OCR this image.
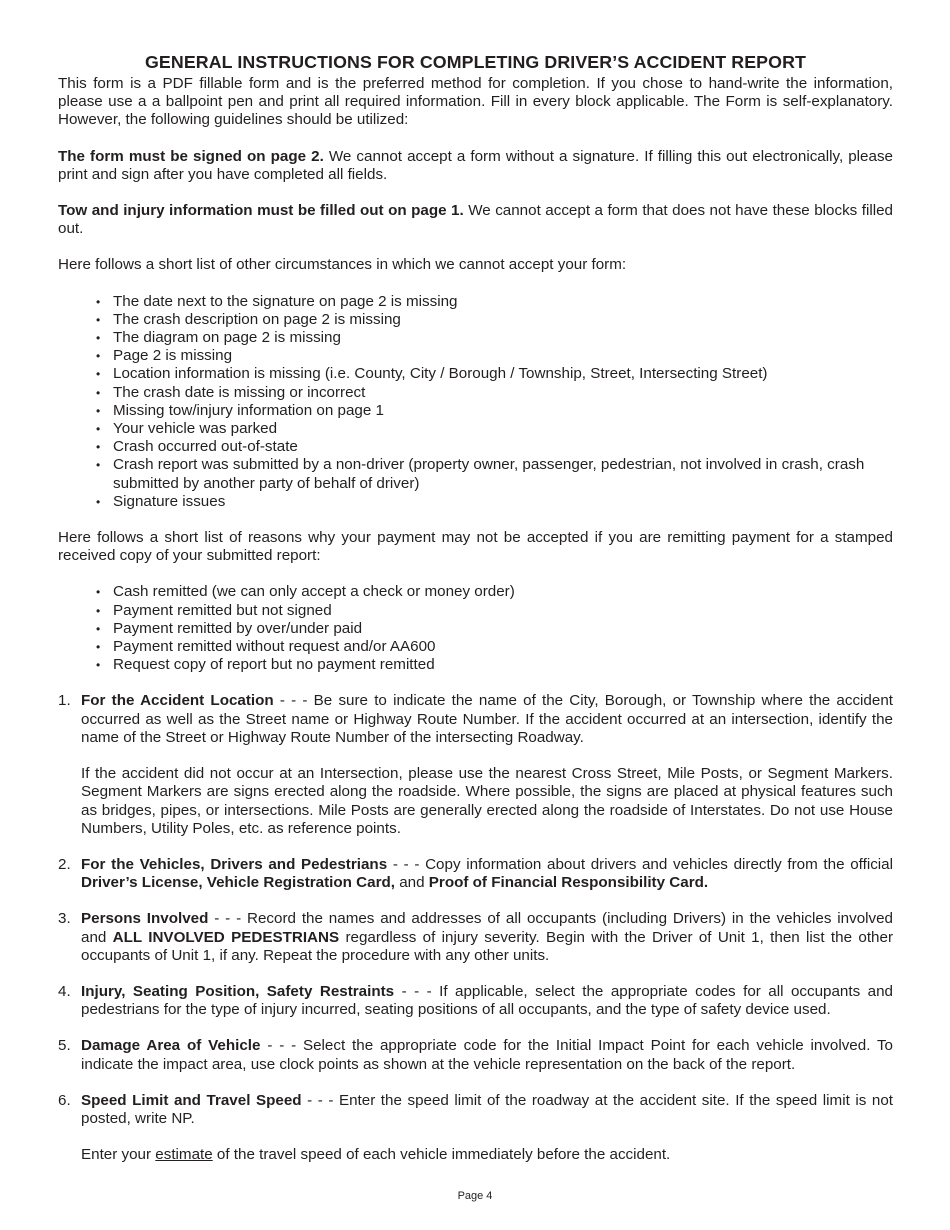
GENERAL INSTRUCTIONS FOR COMPLETING DRIVER’S ACCIDENT REPORT

This form is a PDF fillable form and is the preferred method for completion. If you chose to hand-write the information, please use a a ballpoint pen and print all required information. Fill in every block applicable. The Form is self-explanatory. However, the following guidelines should be utilized:

The form must be signed on page 2. We cannot accept a form without a signature. If filling this out electronically, please print and sign after you have completed all fields.

Tow and injury information must be filled out on page 1. We cannot accept a form that does not have these blocks filled out.

Here follows a short list of other circumstances in which we cannot accept your form:

• The date next to the signature on page 2 is missing
• The crash description on page 2 is missing
• The diagram on page 2 is missing
• Page 2 is missing
• Location information is missing (i.e. County, City / Borough / Township, Street, Intersecting Street)
• The crash date is missing or incorrect
• Missing tow/injury information on page 1
• Your vehicle was parked
• Crash occurred out-of-state
• Crash report was submitted by a non-driver (property owner, passenger, pedestrian, not involved in crash, crash submitted by another party of behalf of driver)
• Signature issues

Here follows a short list of reasons why your payment may not be accepted if you are remitting payment for a stamped received copy of your submitted report:

• Cash remitted (we can only accept a check or money order)
• Payment remitted but not signed
• Payment remitted by over/under paid
• Payment remitted without request and/or AA600
• Request copy of report but no payment remitted
1. For the Accident Location - - - Be sure to indicate the name of the City, Borough, or Township where the accident occurred as well as the Street name or Highway Route Number. If the accident occurred at an intersection, identify the name of the Street or Highway Route Number of the intersecting Roadway.

If the accident did not occur at an Intersection, please use the nearest Cross Street, Mile Posts, or Segment Markers. Segment Markers are signs erected along the roadside. Where possible, the signs are placed at physical features such as bridges, pipes, or intersections. Mile Posts are generally erected along the roadside of Interstates. Do not use House Numbers, Utility Poles, etc. as reference points.

2. For the Vehicles, Drivers and Pedestrians - - - Copy information about drivers and vehicles directly from the official Driver’s License, Vehicle Registration Card, and Proof of Financial Responsibility Card.

3. Persons Involved - - - Record the names and addresses of all occupants (including Drivers) in the vehicles involved and ALL INVOLVED PEDESTRIANS regardless of injury severity. Begin with the Driver of Unit 1, then list the other occupants of Unit 1, if any. Repeat the procedure with any other units.

4. Injury, Seating Position, Safety Restraints - - - If applicable, select the appropriate codes for all occupants and pedestrians for the type of injury incurred, seating positions of all occupants, and the type of safety device used.

5. Damage Area of Vehicle - - - Select the appropriate code for the Initial Impact Point for each vehicle involved. To indicate the impact area, use clock points as shown at the vehicle representation on the back of the report.

6. Speed Limit and Travel Speed - - - Enter the speed limit of the roadway at the accident site. If the speed limit is not posted, write NP.

Enter your estimate of the travel speed of each vehicle immediately before the accident.

Page 4
